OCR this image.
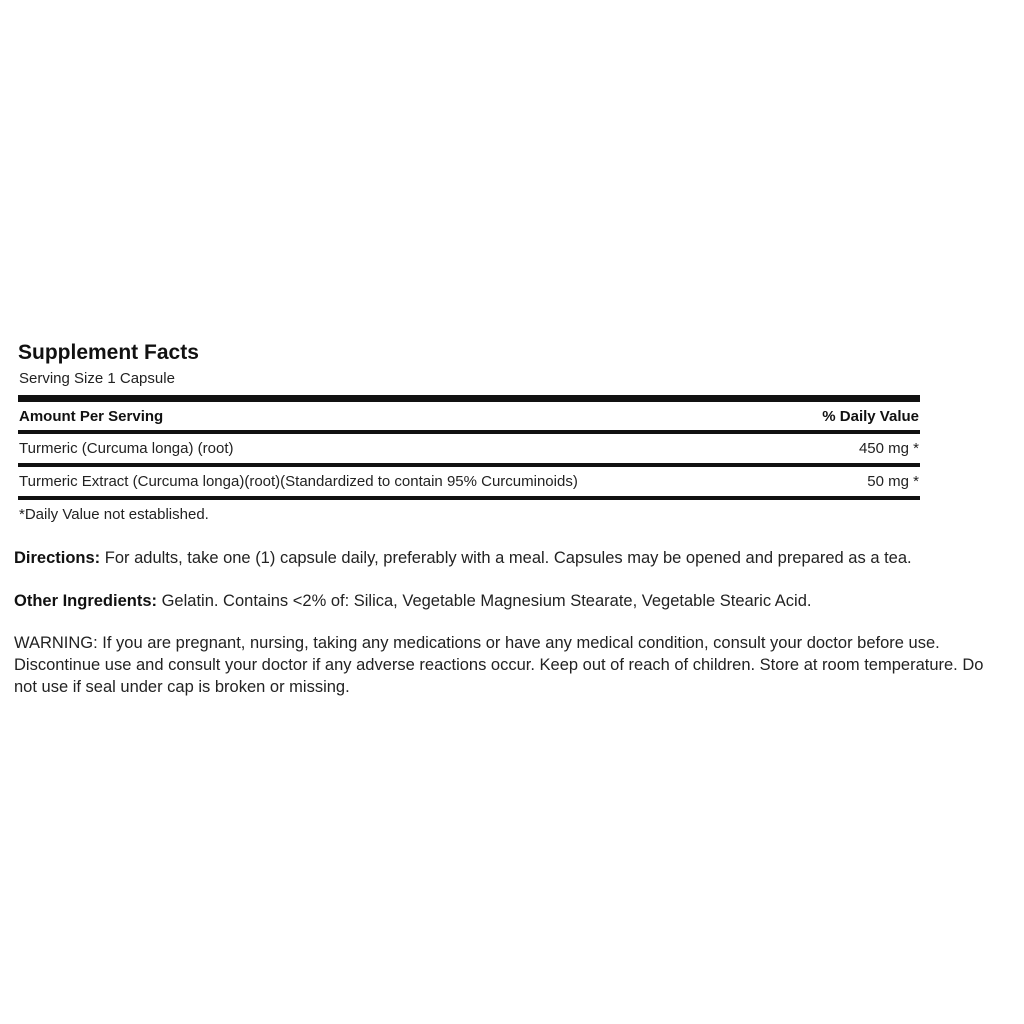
Supplement Facts
Serving Size 1 Capsule
Amount Per Serving	% Daily Value
Turmeric (Curcuma longa) (root)	450 mg *
Turmeric Extract (Curcuma longa)(root)(Standardized to contain 95% Curcuminoids)	50 mg *
*Daily Value not established.

Directions: For adults, take one (1) capsule daily, preferably with a meal. Capsules may be opened and prepared as a tea.

Other Ingredients: Gelatin. Contains <2% of: Silica, Vegetable Magnesium Stearate, Vegetable Stearic Acid.

WARNING: If you are pregnant, nursing, taking any medications or have any medical condition, consult your doctor before use. Discontinue use and consult your doctor if any adverse reactions occur. Keep out of reach of children. Store at room temperature. Do not use if seal under cap is broken or missing.
